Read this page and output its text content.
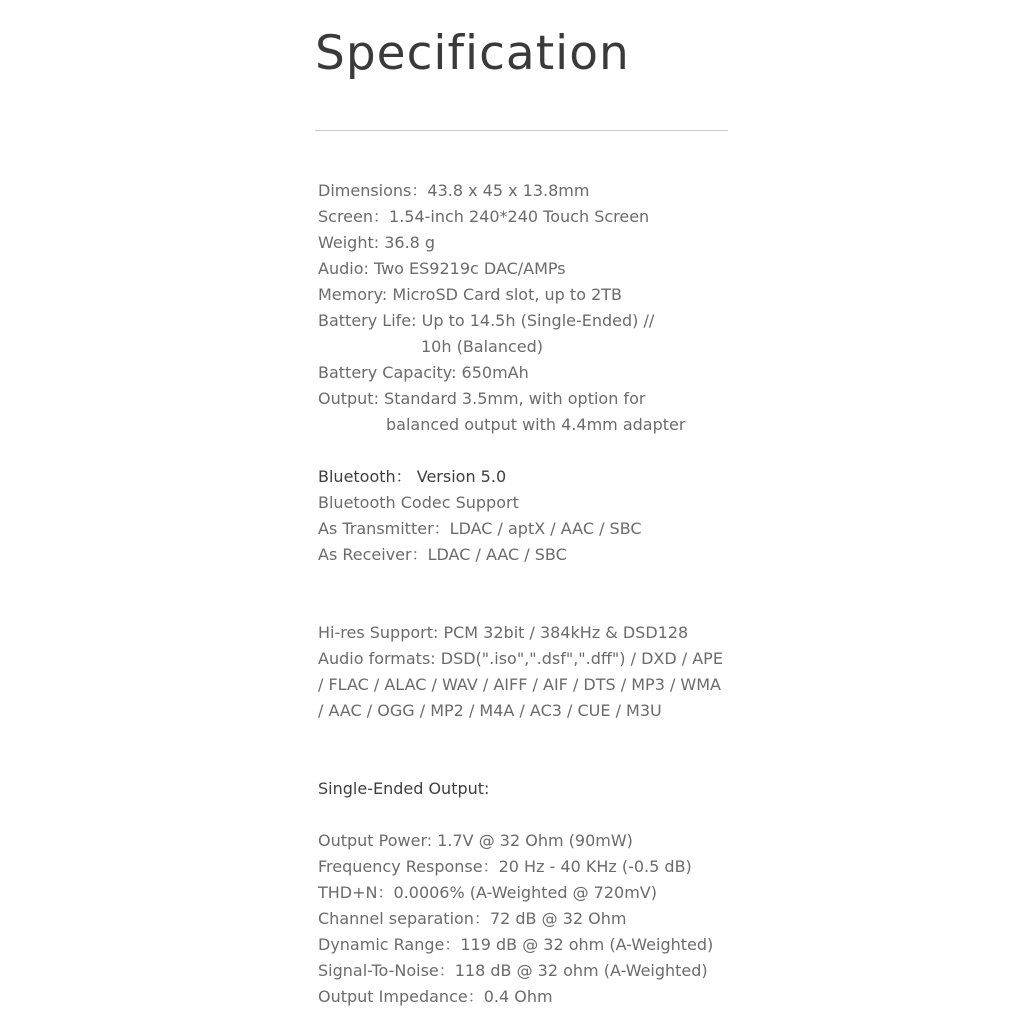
Specification

Dimensions：43.8 x 45 x 13.8mm

Screen：1.54-inch 240*240 Touch Screen

Weight: 36.8 g

Audio: Two ES9219c DAC/AMPs

Memory: MicroSD Card slot, up to 2TB

Battery Life: Up to 14.5h (Single-Ended) //

10h (Balanced)

Battery Capacity: 650mAh

Output: Standard 3.5mm, with option for

balanced output with 4.4mm adapter

Bluetooth： Version 5.0

Bluetooth Codec Support

As Transmitter：LDAC / aptX / AAC / SBC

As Receiver：LDAC / AAC / SBC

Hi-res Support: PCM 32bit / 384kHz & DSD128

Audio formats: DSD(".iso",".dsf",".dff") / DXD / APE

/ FLAC / ALAC / WAV / AIFF / AIF / DTS / MP3 / WMA

/ AAC / OGG / MP2 / M4A / AC3 / CUE / M3U

Single-Ended Output:

Output Power: 1.7V @ 32 Ohm (90mW)

Frequency Response：20 Hz - 40 KHz (-0.5 dB)

THD+N：0.0006% (A-Weighted @ 720mV)

Channel separation：72 dB @ 32 Ohm

Dynamic Range：119 dB @ 32 ohm (A-Weighted)

Signal-To-Noise：118 dB @ 32 ohm (A-Weighted)

Output Impedance：0.4 Ohm
